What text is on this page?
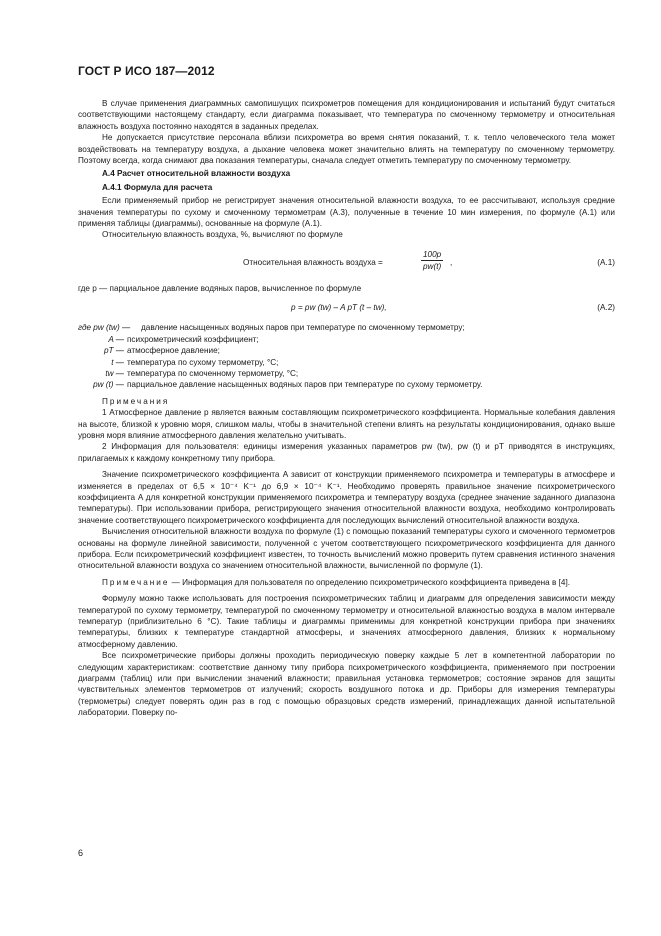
ГОСТ Р ИСО 187—2012

В случае применения диаграммных самопишущих психрометров помещения для кондиционирования и испытаний будут считаться соответствующими настоящему стандарту, если диаграмма показывает, что температура по смоченному термометру и относительная влажность воздуха постоянно находятся в заданных пределах.

Не допускается присутствие персонала вблизи психрометра во время снятия показаний, т. к. тепло человеческого тела может воздействовать на температуру воздуха, а дыхание человека может значительно влиять на температуру по смоченному термометру. Поэтому всегда, когда снимают два показания температуры, сначала следует отметить температуру по смоченному термометру.

А.4 Расчет относительной влажности воздуха

А.4.1 Формула для расчета

Если применяемый прибор не регистрирует значения относительной влажности воздуха, то ее рассчитывают, используя средние значения температуры по сухому и смоченному термометрам (А.3), полученные в течение 10 мин измерения, по формуле (А.1) или применяя таблицы (диаграммы), основанные на формуле (А.1).

Относительную влажность воздуха, %, вычисляют по формуле

Относительная влажность воздуха =	$\frac{100p}{pw(t)}$ ,	(А.1)

где p — парциальное давление водяных паров, вычисленное по формуле

p = pw (tw) – A pT (t – tw),	(А.2)
где pw (tw) —	давление насыщенных водяных паров при температуре по смоченному термометру;
A — психрометрический коэффициент;
pT — атмосферное давление;
t — температура по сухому термометру, °С;
tw — температура по смоченному термометру, °С;
pw (t) — парциальное давление насыщенных водяных паров при температуре по сухому термометру.

Примечания

1 Атмосферное давление p является важным составляющим психрометрического коэффициента. Нормальные колебания давления на высоте, близкой к уровню моря, слишком малы, чтобы в значительной степени влиять на результаты кондиционирования, однако выше уровня моря влияние атмосферного давления желательно учитывать.

2 Информация для пользователя: единицы измерения указанных параметров pw (tw), pw (t) и pT приводятся в инструкциях, прилагаемых к каждому конкретному типу прибора.

Значение психрометрического коэффициента A зависит от конструкции применяемого психрометра и температуры в атмосфере и изменяется в пределах от 6,5 × 10⁻⁴ K⁻¹ до 6,9 × 10⁻⁴ K⁻¹. Необходимо проверять правильное значение психрометрического коэффициента A для конкретной конструкции применяемого психрометра и температуру воздуха (среднее значение заданного диапазона температуры). При использовании прибора, регистрирующего значения относительной влажности воздуха, необходимо контролировать значение соответствующего психрометрического коэффициента для последующих вычислений относительной влажности воздуха.

Вычисления относительной влажности воздуха по формуле (1) с помощью показаний температуры сухого и смоченного термометров основаны на формуле линейной зависимости, полученной с учетом соответствующего психрометрического коэффициента для данного прибора. Если психрометрический коэффициент известен, то точность вычислений можно проверить путем сравнения истинного значения относительной влажности воздуха со значением относительной влажности, вычисленной по формуле (1).

Примечание — Информация для пользователя по определению психрометрического коэффициента приведена в [4].

Формулу можно также использовать для построения психрометрических таблиц и диаграмм для определения зависимости между температурой по сухому термометру, температурой по смоченному термометру и относительной влажностью воздуха в малом интервале температур (приблизительно 6 °С). Такие таблицы и диаграммы применимы для конкретной конструкции прибора при значениях температуры, близких к температуре стандартной атмосферы, и значениях атмосферного давления, близких к нормальному атмосферному давлению.

Все психрометрические приборы должны проходить периодическую поверку каждые 5 лет в компетентной лаборатории по следующим характеристикам: соответствие данному типу прибора психрометрического коэффициента, применяемого при построении диаграмм (таблиц) или при вычислении значений влажности; правильная установка термометров; состояние экранов для защиты чувствительных элементов термометров от излучений; скорость воздушного потока и др. Приборы для измерения температуры (термометры) следует поверять один раз в год с помощью образцовых средств измерений, принадлежащих данной испытательной лаборатории. Поверку по-

6
